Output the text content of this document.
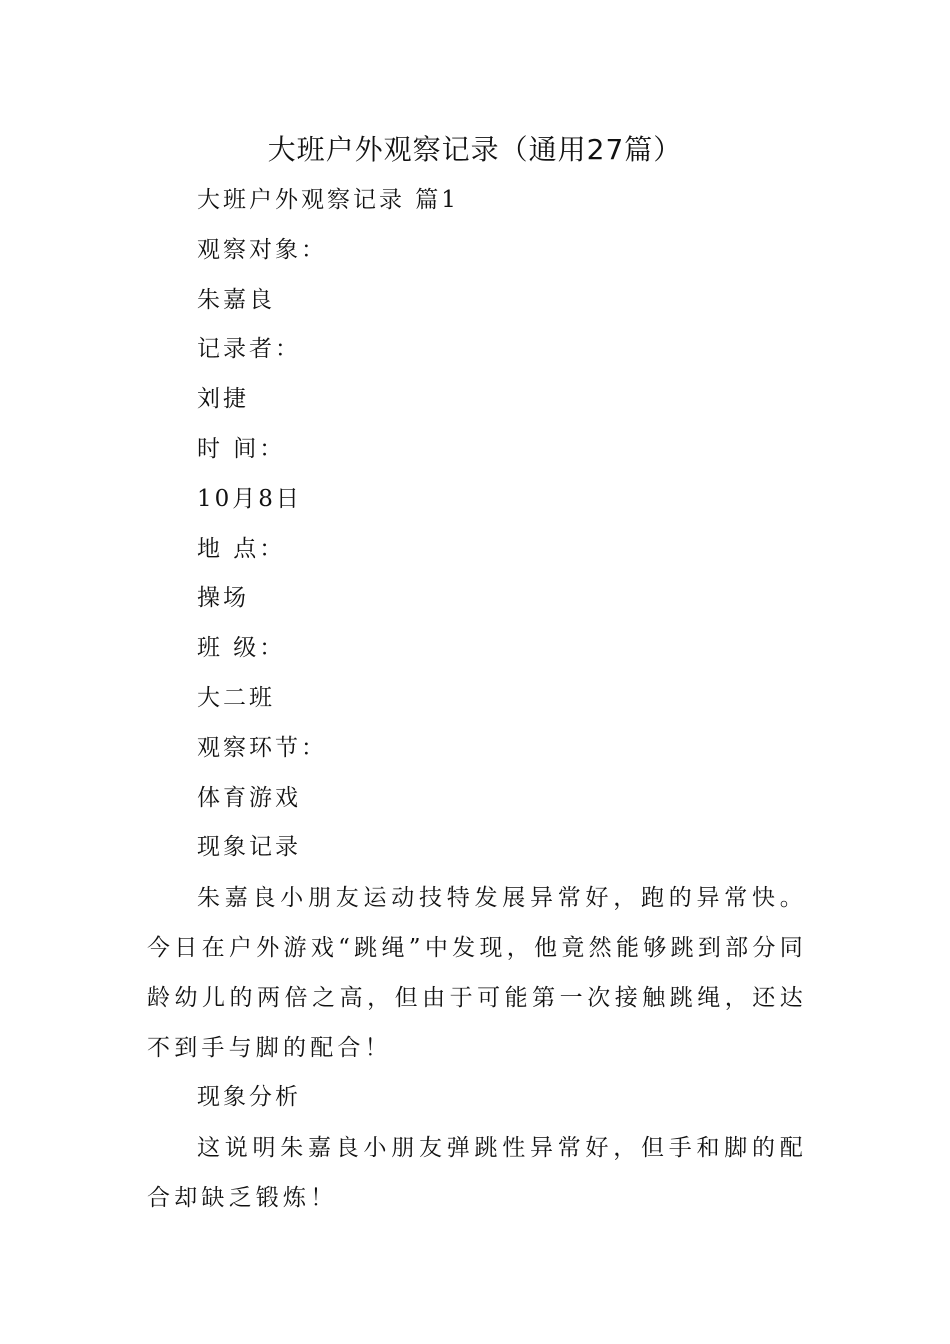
大班户外观察记录（通用27篇）

大班户外观察记录 篇1

观察对象：

朱嘉良

记录者：

刘捷

时 间：

10月8日

地 点：

操场

班 级：

大二班

观察环节：

体育游戏

现象记录

朱嘉良小朋友运动技特发展异常好，跑的异常快。今日在户外游戏“跳绳”中发现，他竟然能够跳到部分同龄幼儿的两倍之高，但由于可能第一次接触跳绳，还达不到手与脚的配合！

现象分析

这说明朱嘉良小朋友弹跳性异常好，但手和脚的配合却缺乏锻炼！
